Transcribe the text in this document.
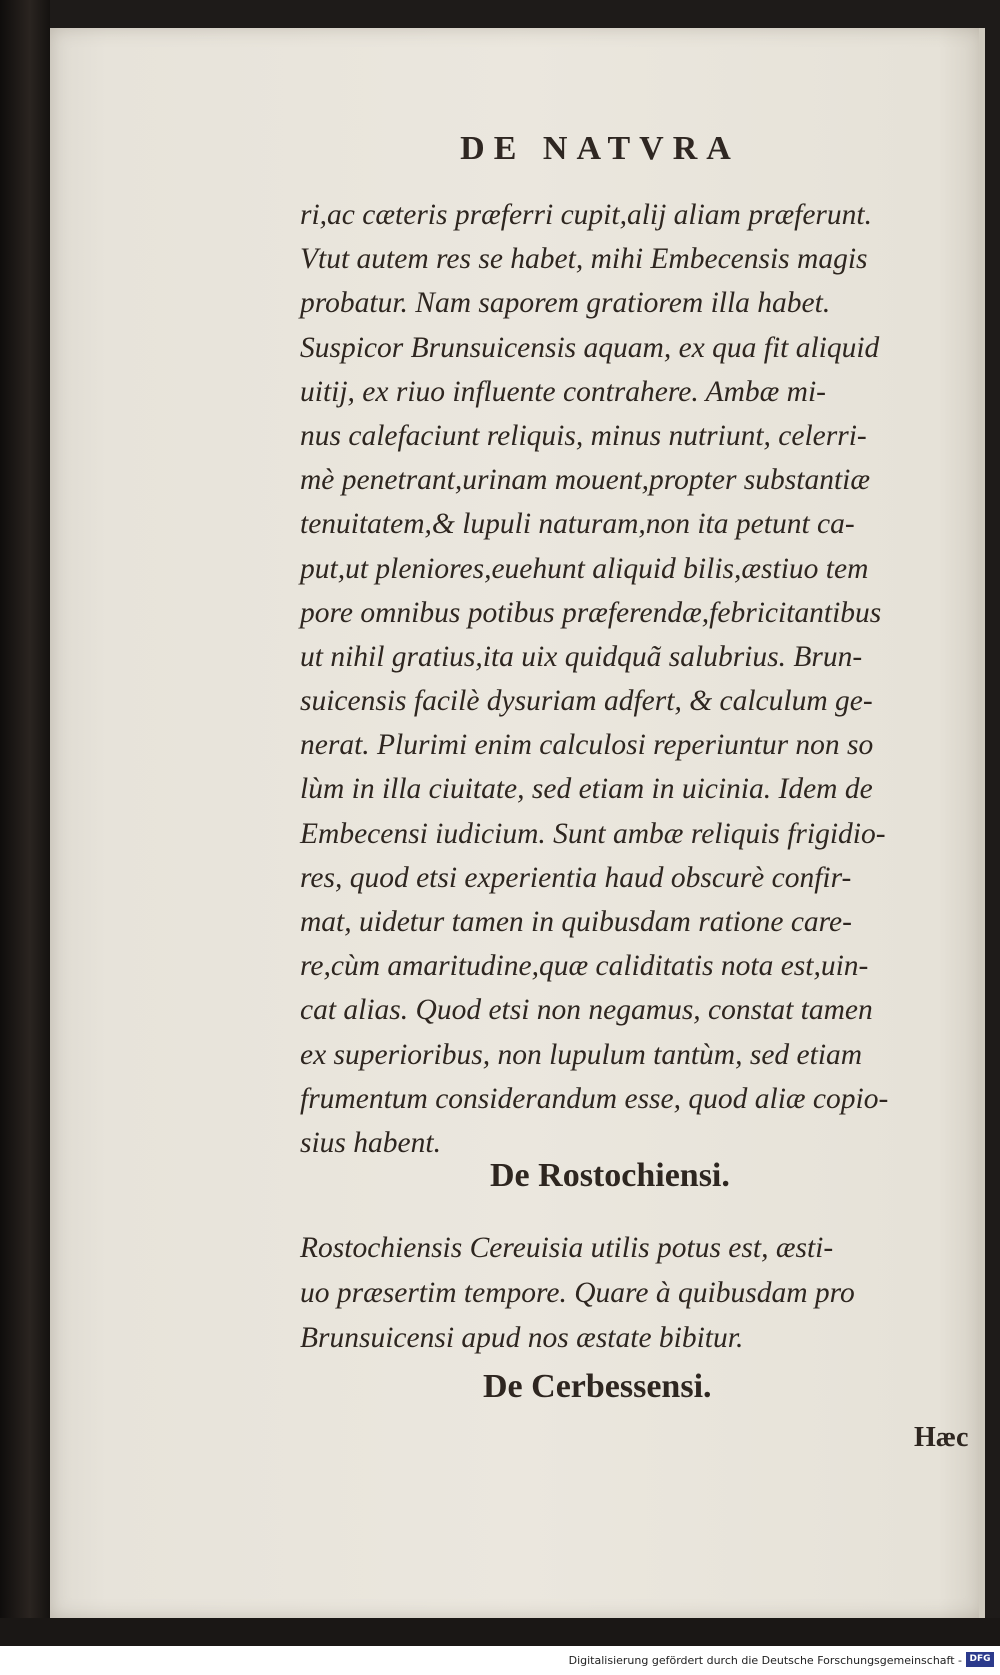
DE NATVRA
ri,ac cæteris præferri cupit,alij aliam præferunt.
Vtut autem res se habet, mihi Embecensis magis
probatur. Nam saporem gratiorem illa habet.
Suspicor Brunsuicensis aquam, ex qua fit aliquid
uitij, ex riuo influente contrahere. Ambæ mi-
nus calefaciunt reliquis, minus nutriunt, celerri-
mè penetrant,urinam mouent,propter substantiæ
tenuitatem,& lupuli naturam,non ita petunt ca-
put,ut pleniores,euehunt aliquid bilis,æstiuo tem
pore omnibus potibus præferendæ,febricitantibus
ut nihil gratius,ita uix quidquã salubrius. Brun-
suicensis facilè dysuriam adfert, & calculum ge-
nerat. Plurimi enim calculosi reperiuntur non so
lùm in illa ciuitate, sed etiam in uicinia. Idem de
Embecensi iudicium. Sunt ambæ reliquis frigidio-
res, quod etsi experientia haud obscurè confir-
mat, uidetur tamen in quibusdam ratione care-
re,cùm amaritudine,quæ caliditatis nota est,uin-
cat alias. Quod etsi non negamus, constat tamen
ex superioribus, non lupulum tantùm, sed etiam
frumentum considerandum esse, quod aliæ copio-
sius habent.
De Rostochiensi.
Rostochiensis Cereuisia utilis potus est, æsti-
uo præsertim tempore. Quare à quibusdam pro
Brunsuicensi apud nos æstate bibitur.
De Cerbessensi.
Hæc
Digitalisierung gefördert durch die Deutsche Forschungsgemeinschaft - DFG
